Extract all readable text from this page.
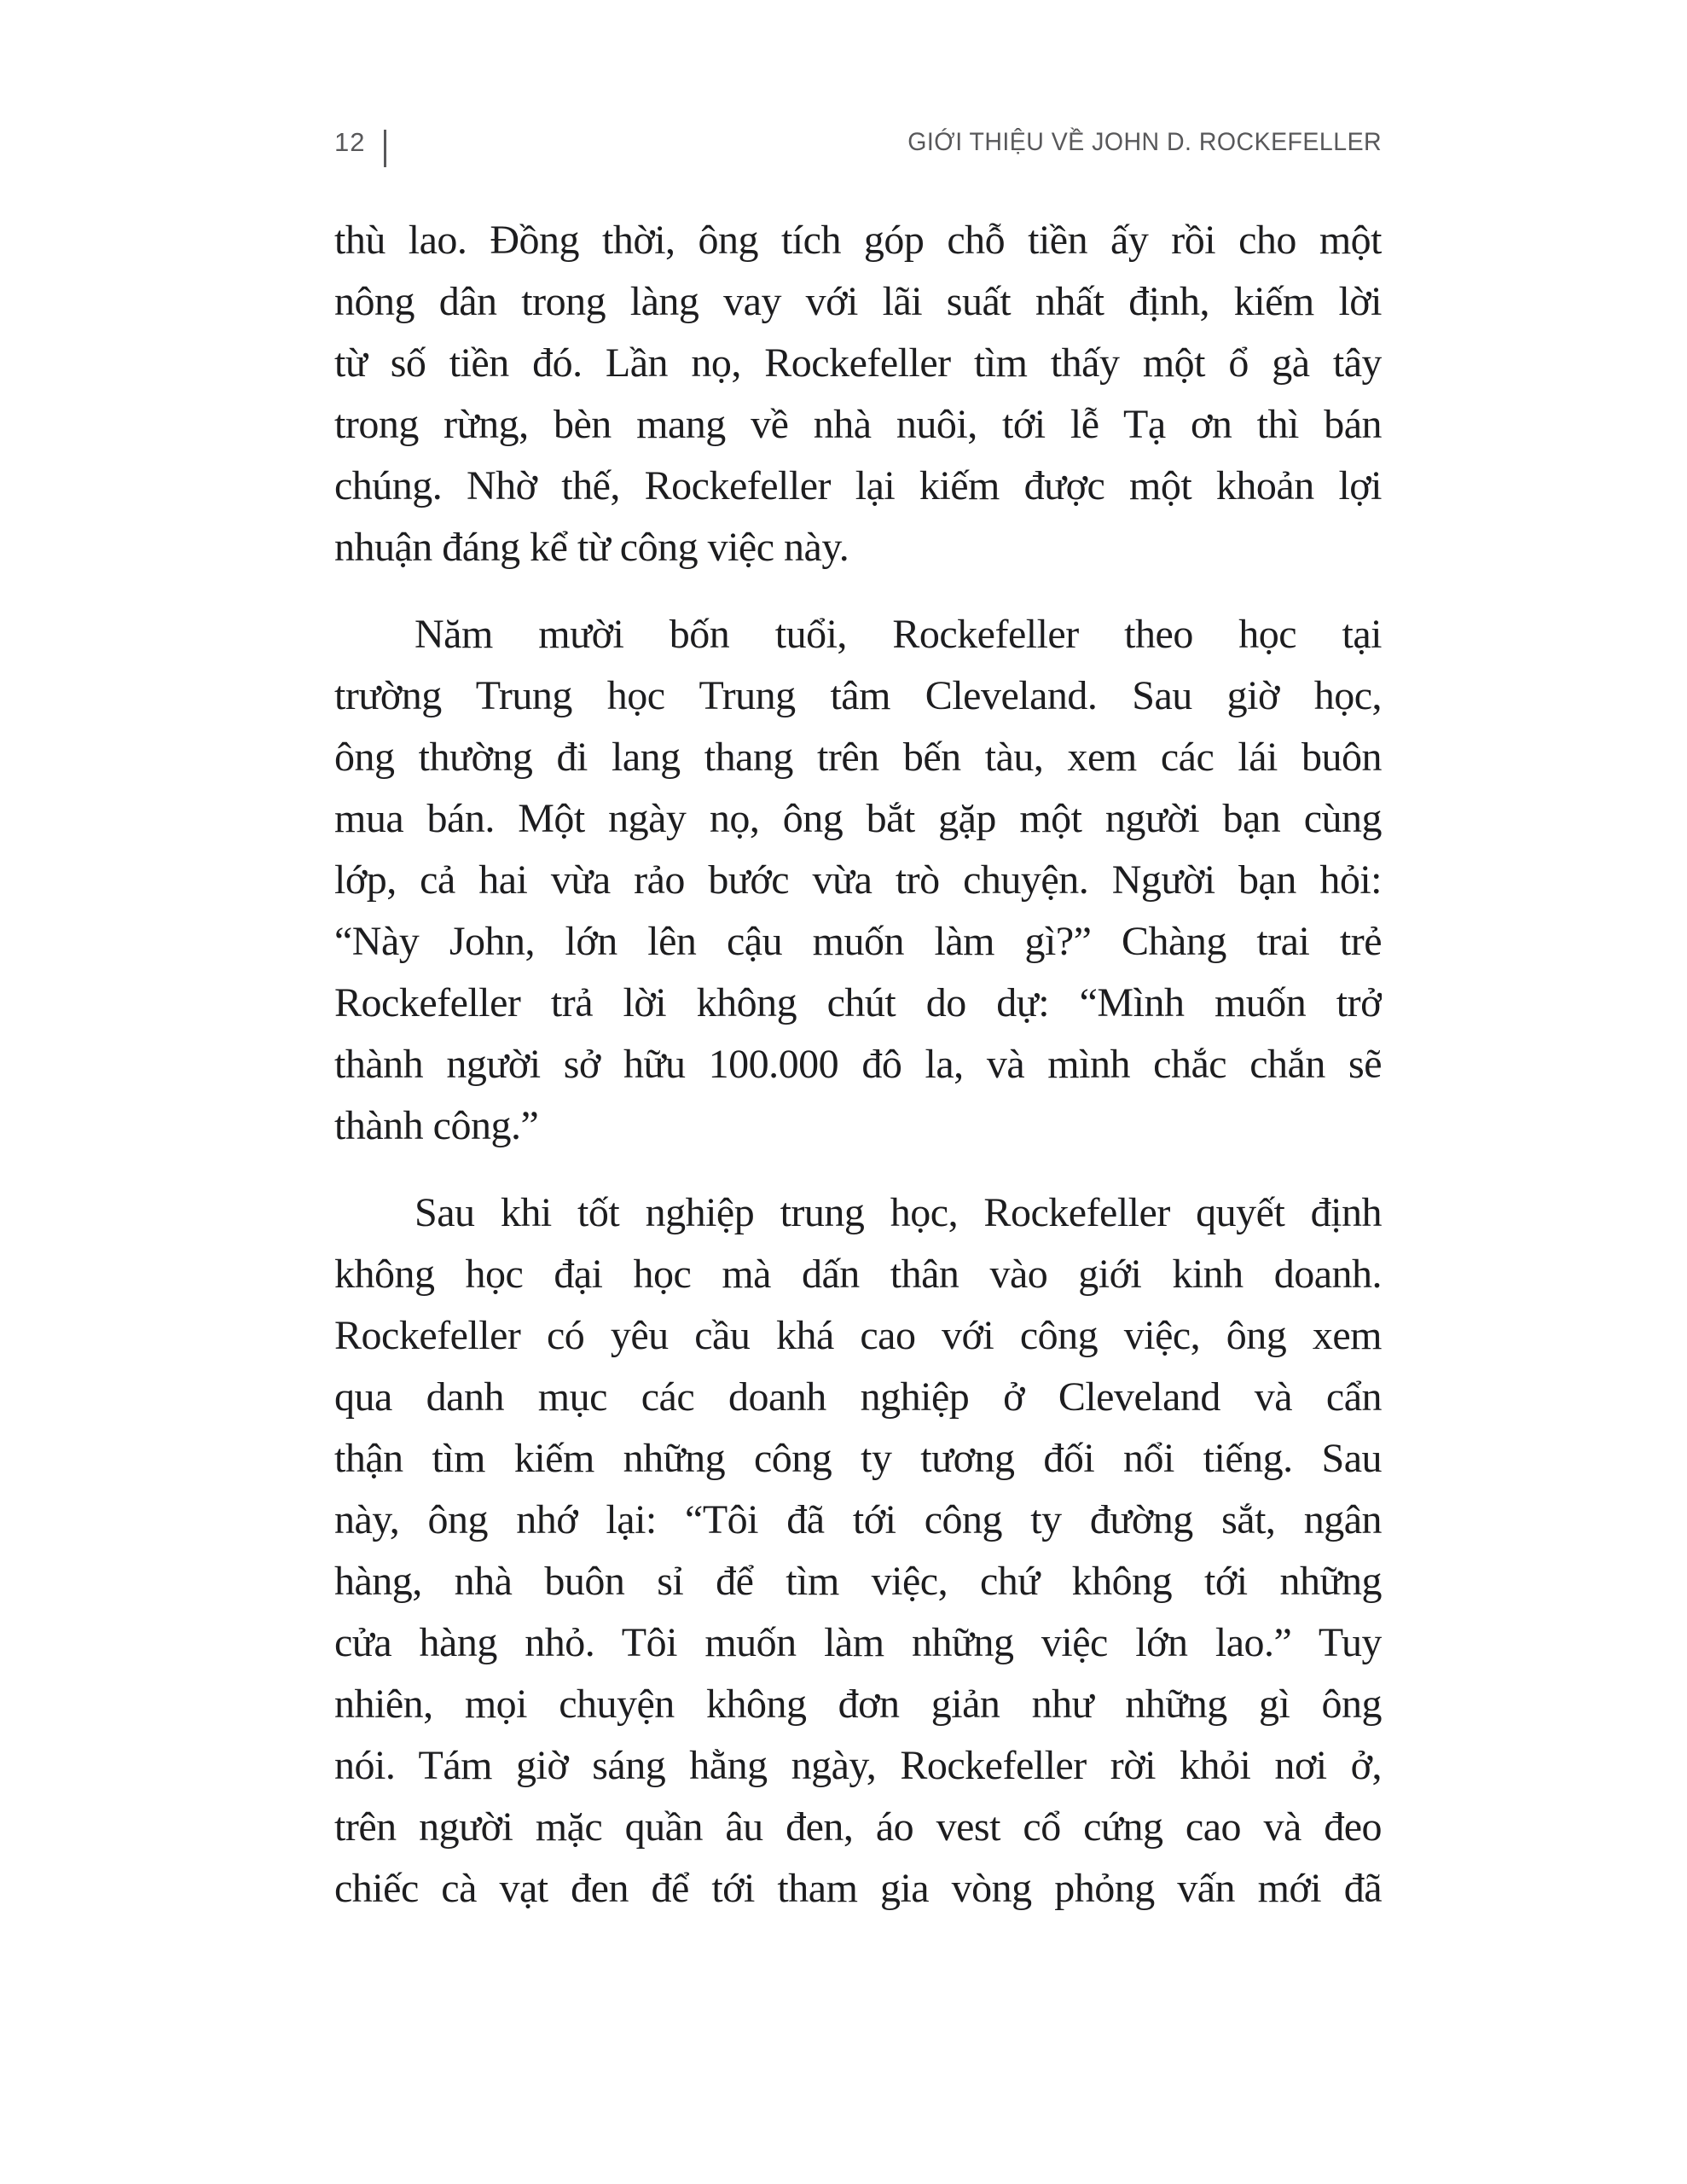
12	GIỚI THIỆU VỀ JOHN D. ROCKEFELLER
thù lao. Đồng thời, ông tích góp chỗ tiền ấy rồi cho một
nông dân trong làng vay với lãi suất nhất định, kiếm lời
từ số tiền đó. Lần nọ, Rockefeller tìm thấy một ổ gà tây
trong rừng, bèn mang về nhà nuôi, tới lễ Tạ ơn thì bán
chúng. Nhờ thế, Rockefeller lại kiếm được một khoản lợi
nhuận đáng kể từ công việc này.
Năm mười bốn tuổi, Rockefeller theo học tại
trường Trung học Trung tâm Cleveland. Sau giờ học,
ông thường đi lang thang trên bến tàu, xem các lái buôn
mua bán. Một ngày nọ, ông bắt gặp một người bạn cùng
lớp, cả hai vừa rảo bước vừa trò chuyện. Người bạn hỏi:
“Này John, lớn lên cậu muốn làm gì?” Chàng trai trẻ
Rockefeller trả lời không chút do dự: “Mình muốn trở
thành người sở hữu 100.000 đô la, và mình chắc chắn sẽ
thành công.”
Sau khi tốt nghiệp trung học, Rockefeller quyết định
không học đại học mà dấn thân vào giới kinh doanh.
Rockefeller có yêu cầu khá cao với công việc, ông xem
qua danh mục các doanh nghiệp ở Cleveland và cẩn
thận tìm kiếm những công ty tương đối nổi tiếng. Sau
này, ông nhớ lại: “Tôi đã tới công ty đường sắt, ngân
hàng, nhà buôn sỉ để tìm việc, chứ không tới những
cửa hàng nhỏ. Tôi muốn làm những việc lớn lao.” Tuy
nhiên, mọi chuyện không đơn giản như những gì ông
nói. Tám giờ sáng hằng ngày, Rockefeller rời khỏi nơi ở,
trên người mặc quần âu đen, áo vest cổ cứng cao và đeo
chiếc cà vạt đen để tới tham gia vòng phỏng vấn mới đã
